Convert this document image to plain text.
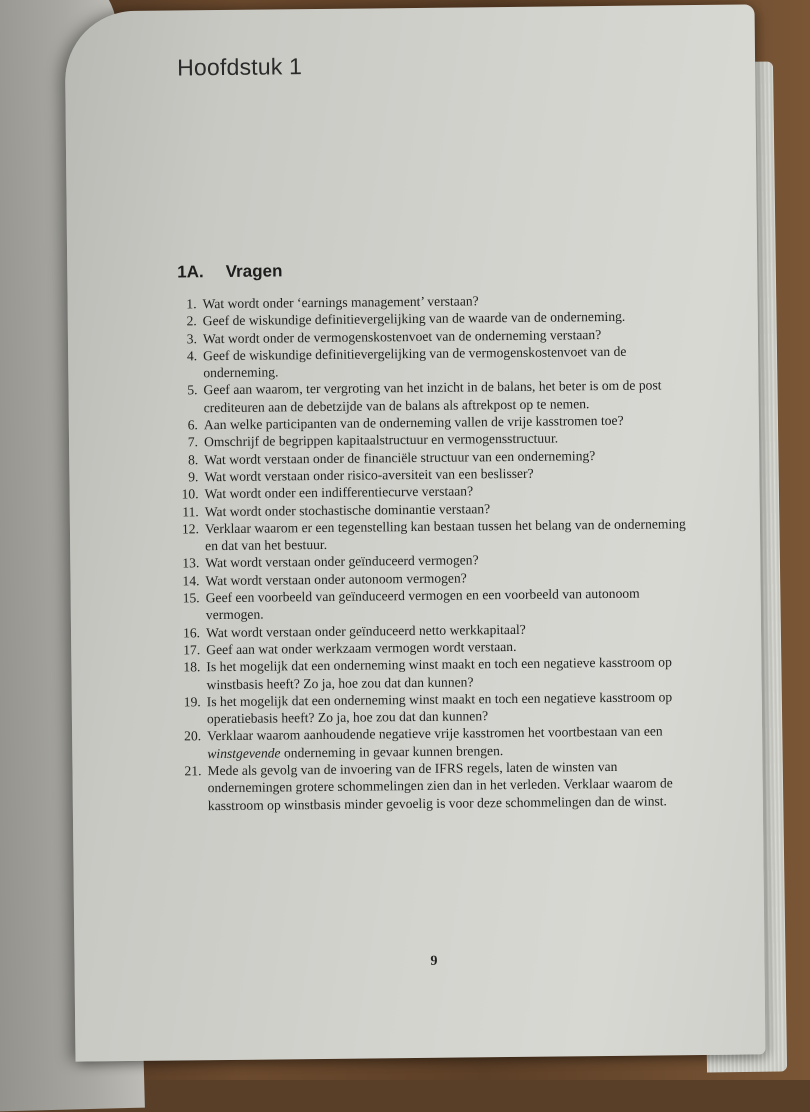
Hoofdstuk 1
1A. Vragen
1. Wat wordt onder ‘earnings management’ verstaan?
2. Geef de wiskundige definitievergelijking van de waarde van de onderneming.
3. Wat wordt onder de vermogenskostenvoet van de onderneming verstaan?
4. Geef de wiskundige definitievergelijking van de vermogenskostenvoet van de onderneming.
5. Geef aan waarom, ter vergroting van het inzicht in de balans, het beter is om de post crediteuren aan de debetzijde van de balans als aftrekpost op te nemen.
6. Aan welke participanten van de onderneming vallen de vrije kasstromen toe?
7. Omschrijf de begrippen kapitaalstructuur en vermogensstructuur.
8. Wat wordt verstaan onder de financiële structuur van een onderneming?
9. Wat wordt verstaan onder risico-aversiteit van een beslisser?
10. Wat wordt onder een indifferentiecurve verstaan?
11. Wat wordt onder stochastische dominantie verstaan?
12. Verklaar waarom er een tegenstelling kan bestaan tussen het belang van de onderneming en dat van het bestuur.
13. Wat wordt verstaan onder geïnduceerd vermogen?
14. Wat wordt verstaan onder autonoom vermogen?
15. Geef een voorbeeld van geïnduceerd vermogen en een voorbeeld van autonoom vermogen.
16. Wat wordt verstaan onder geïnduceerd netto werkkapitaal?
17. Geef aan wat onder werkzaam vermogen wordt verstaan.
18. Is het mogelijk dat een onderneming winst maakt en toch een negatieve kasstroom op winstbasis heeft? Zo ja, hoe zou dat dan kunnen?
19. Is het mogelijk dat een onderneming winst maakt en toch een negatieve kasstroom op operatiebasis heeft? Zo ja, hoe zou dat dan kunnen?
20. Verklaar waarom aanhoudende negatieve vrije kasstromen het voortbestaan van een winstgevende onderneming in gevaar kunnen brengen.
21. Mede als gevolg van de invoering van de IFRS regels, laten de winsten van ondernemingen grotere schommelingen zien dan in het verleden. Verklaar waarom de kasstroom op winstbasis minder gevoelig is voor deze schommelingen dan de winst.
9
